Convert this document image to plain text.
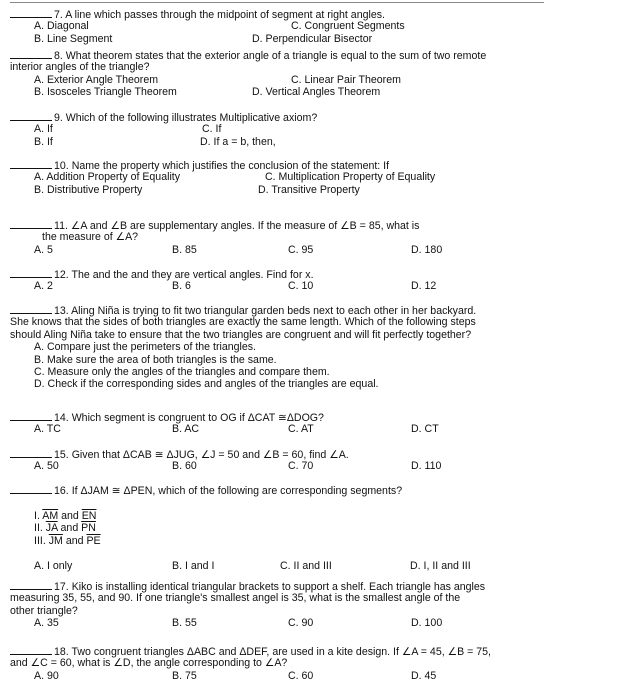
7. A line which passes through the midpoint of segment at right angles.
A. Diagonal	C. Congruent Segments
B. Line Segment	D. Perpendicular Bisector
8. What theorem states that the exterior angle of a triangle is equal to the sum of two remote
interior angles of the triangle?
A. Exterior Angle Theorem	C. Linear Pair Theorem
B. Isosceles Triangle Theorem	D. Vertical Angles Theorem
9. Which of the following illustrates Multiplicative axiom?
A. If	C. If
B. If	D. If a = b, then,
10. Name the property which justifies the conclusion of the statement: If
A. Addition Property of Equality	C. Multiplication Property of Equality
B. Distributive Property	D. Transitive Property
11. ∠A and ∠B are supplementary angles. If the measure of ∠B = 85, what is
the measure of ∠A?
A. 5	B. 85	C. 95	D. 180
12. The and the and they are vertical angles. Find for x.
A. 2	B. 6	C. 10	D. 12
13. Aling Niña is trying to fit two triangular garden beds next to each other in her backyard.
She knows that the sides of both triangles are exactly the same length. Which of the following steps
should Aling Niña take to ensure that the two triangles are congruent and will fit perfectly together?
A. Compare just the perimeters of the triangles.
B. Make sure the area of both triangles is the same.
C. Measure only the angles of the triangles and compare them.
D. Check if the corresponding sides and angles of the triangles are equal.
14. Which segment is congruent to OG if ΔCAT ≅ΔDOG?
A. TC	B. AC	C. AT	D. CT
15. Given that ΔCAB ≅ ΔJUG, ∠J = 50 and ∠B = 60, find ∠A.
A. 50	B. 60	C. 70	D. 110
16. If ΔJAM ≅ ΔPEN, which of the following are corresponding segments?
I. $\overline{AM}$ and $\overline{EN}$
II. $\overline{JA}$ and $\overline{PN}$
III. $\overline{JM}$ and $\overline{PE}$
A. I only	B. I and I	C. II and III	D. I, II and III
17. Kiko is installing identical triangular brackets to support a shelf. Each triangle has angles
measuring 35, 55, and 90. If one triangle's smallest angel is 35, what is the smallest angle of the
other triangle?
A. 35	B. 55	C. 90	D. 100
18. Two congruent triangles ΔABC and ΔDEF, are used in a kite design. If ∠A = 45, ∠B = 75,
and ∠C = 60, what is ∠D, the angle corresponding to ∠A?
A. 90	B. 75	C. 60	D. 45
